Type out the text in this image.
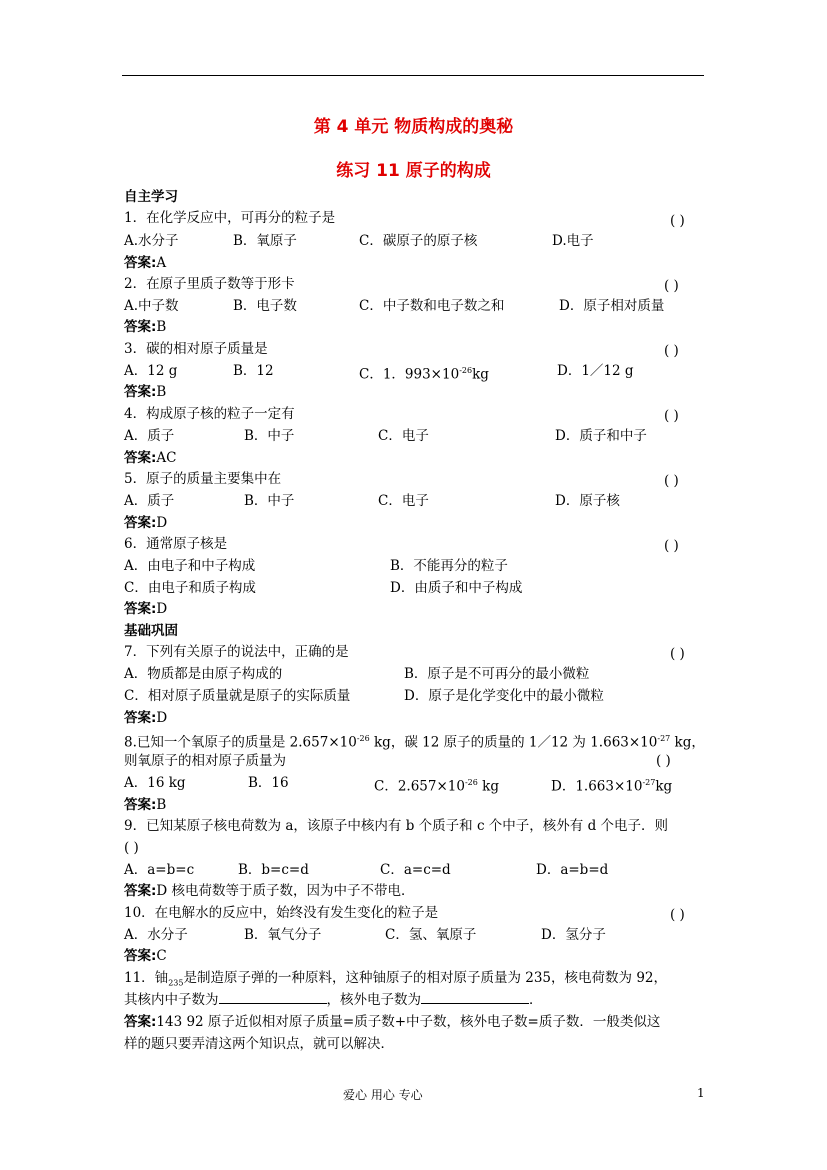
第 4 单元 物质构成的奥秘
练习 11 原子的构成
自主学习
1．在化学反应中，可再分的粒子是	( )
A.水分子	B．氧原子	C．碳原子的原子核	D.电子
答案:A
2．在原子里质子数等于形卡	( )
A.中子数	B．电子数	C．中子数和电子数之和	D．原子相对质量
答案:B
3．碳的相对原子质量是	( )
A．12 g	B．12	C．1．$993\times 10^{-26}kg$	D．1／12 g
答案:B
4．构成原子核的粒子一定有	( )
A．质子	B．中子	C．电子	D．质子和中子
答案:AC
5．原子的质量主要集中在	( )
A．质子	B．中子	C．电子	D．原子核
答案:D
6．通常原子核是	( )
A．由电子和中子构成	B．不能再分的粒子
C．由电子和质子构成	D．由质子和中子构成
答案:D
基础巩固
7．下列有关原子的说法中，正确的是	( )
A．物质都是由原子构成的	B．原子是不可再分的最小微粒
C．相对原子质量就是原子的实际质量	D．原子是化学变化中的最小微粒
答案:D
8.已知一个氧原子的质量是 $2.657\times 10^{-26}$ kg，碳 12 原子的质量的 1／12 为 $1.663\times 10^{-27}$ kg，
则氧原子的相对原子质量为	( )
A．16 kg	B．16	C．$2.657\times 10^{-26}$ kg	D．$1.663\times 10^{-27}kg$
答案:B
9．已知某原子核电荷数为 a，该原子中核内有 b 个质子和 c 个中子，核外有 d 个电子．则
( )
A．a=b=c	B．b=c=d	C．a=c=d	D．a=b=d
答案:D 核电荷数等于质子数，因为中子不带电．
10．在电解水的反应中，始终没有发生变化的粒子是	( )
A．水分子	B．氧气分子	C．氢、氧原子	D．氢分子
答案:C
11．铀$_{235}$是制造原子弹的一种原料，这种铀原子的相对原子质量为 235，核电荷数为 92，
其核内中子数为	，核外电子数为	．
答案:143 92 原子近似相对原子质量=质子数+中子数，核外电子数=质子数．一般类似这
样的题只要弄清这两个知识点，就可以解决．
爱心 用心 专心	1
